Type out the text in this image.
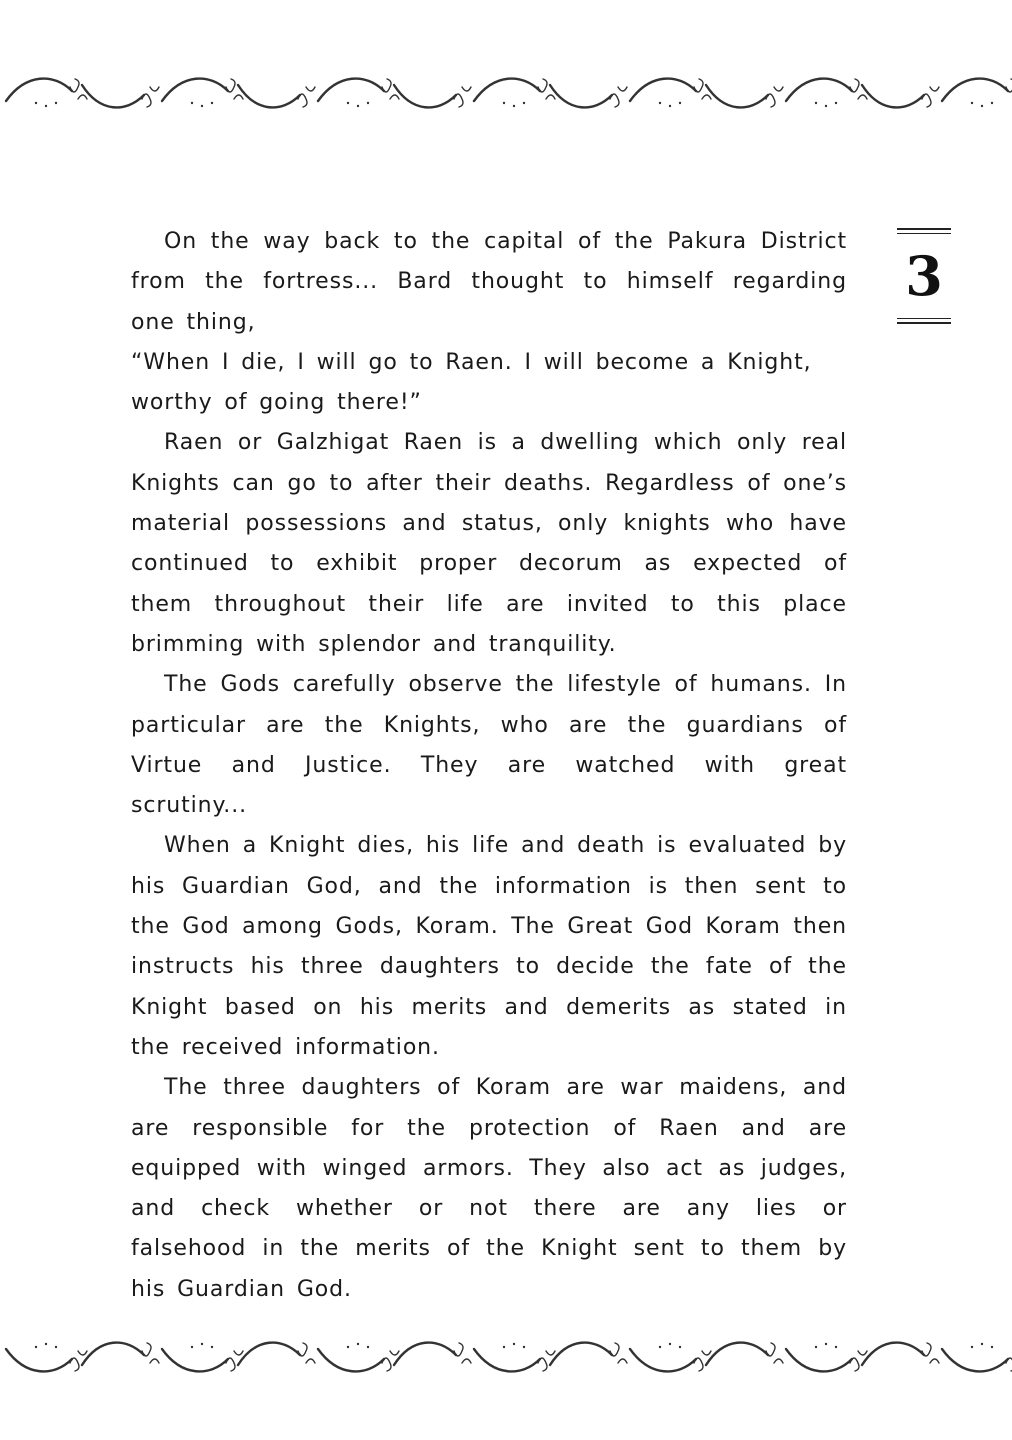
3

On the way back to the capital of the Pakura District from the fortress... Bard thought to himself regarding one thing,

“When I die, I will go to Raen. I will become a Knight, worthy of going there!”

Raen or Galzhigat Raen is a dwelling which only real Knights can go to after their deaths. Regardless of one’s material possessions and status, only knights who have continued to exhibit proper decorum as expected of them throughout their life are invited to this place brimming with splendor and tranquility.

The Gods carefully observe the lifestyle of humans. In particular are the Knights, who are the guardians of Virtue and Justice. They are watched with great scrutiny...

When a Knight dies, his life and death is evaluated by his Guardian God, and the information is then sent to the God among Gods, Koram. The Great God Koram then instructs his three daughters to decide the fate of the Knight based on his merits and demerits as stated in the received information.

The three daughters of Koram are war maidens, and are responsible for the protection of Raen and are equipped with winged armors. They also act as judges, and check whether or not there are any lies or falsehood in the merits of the Knight sent to them by his Guardian God.
